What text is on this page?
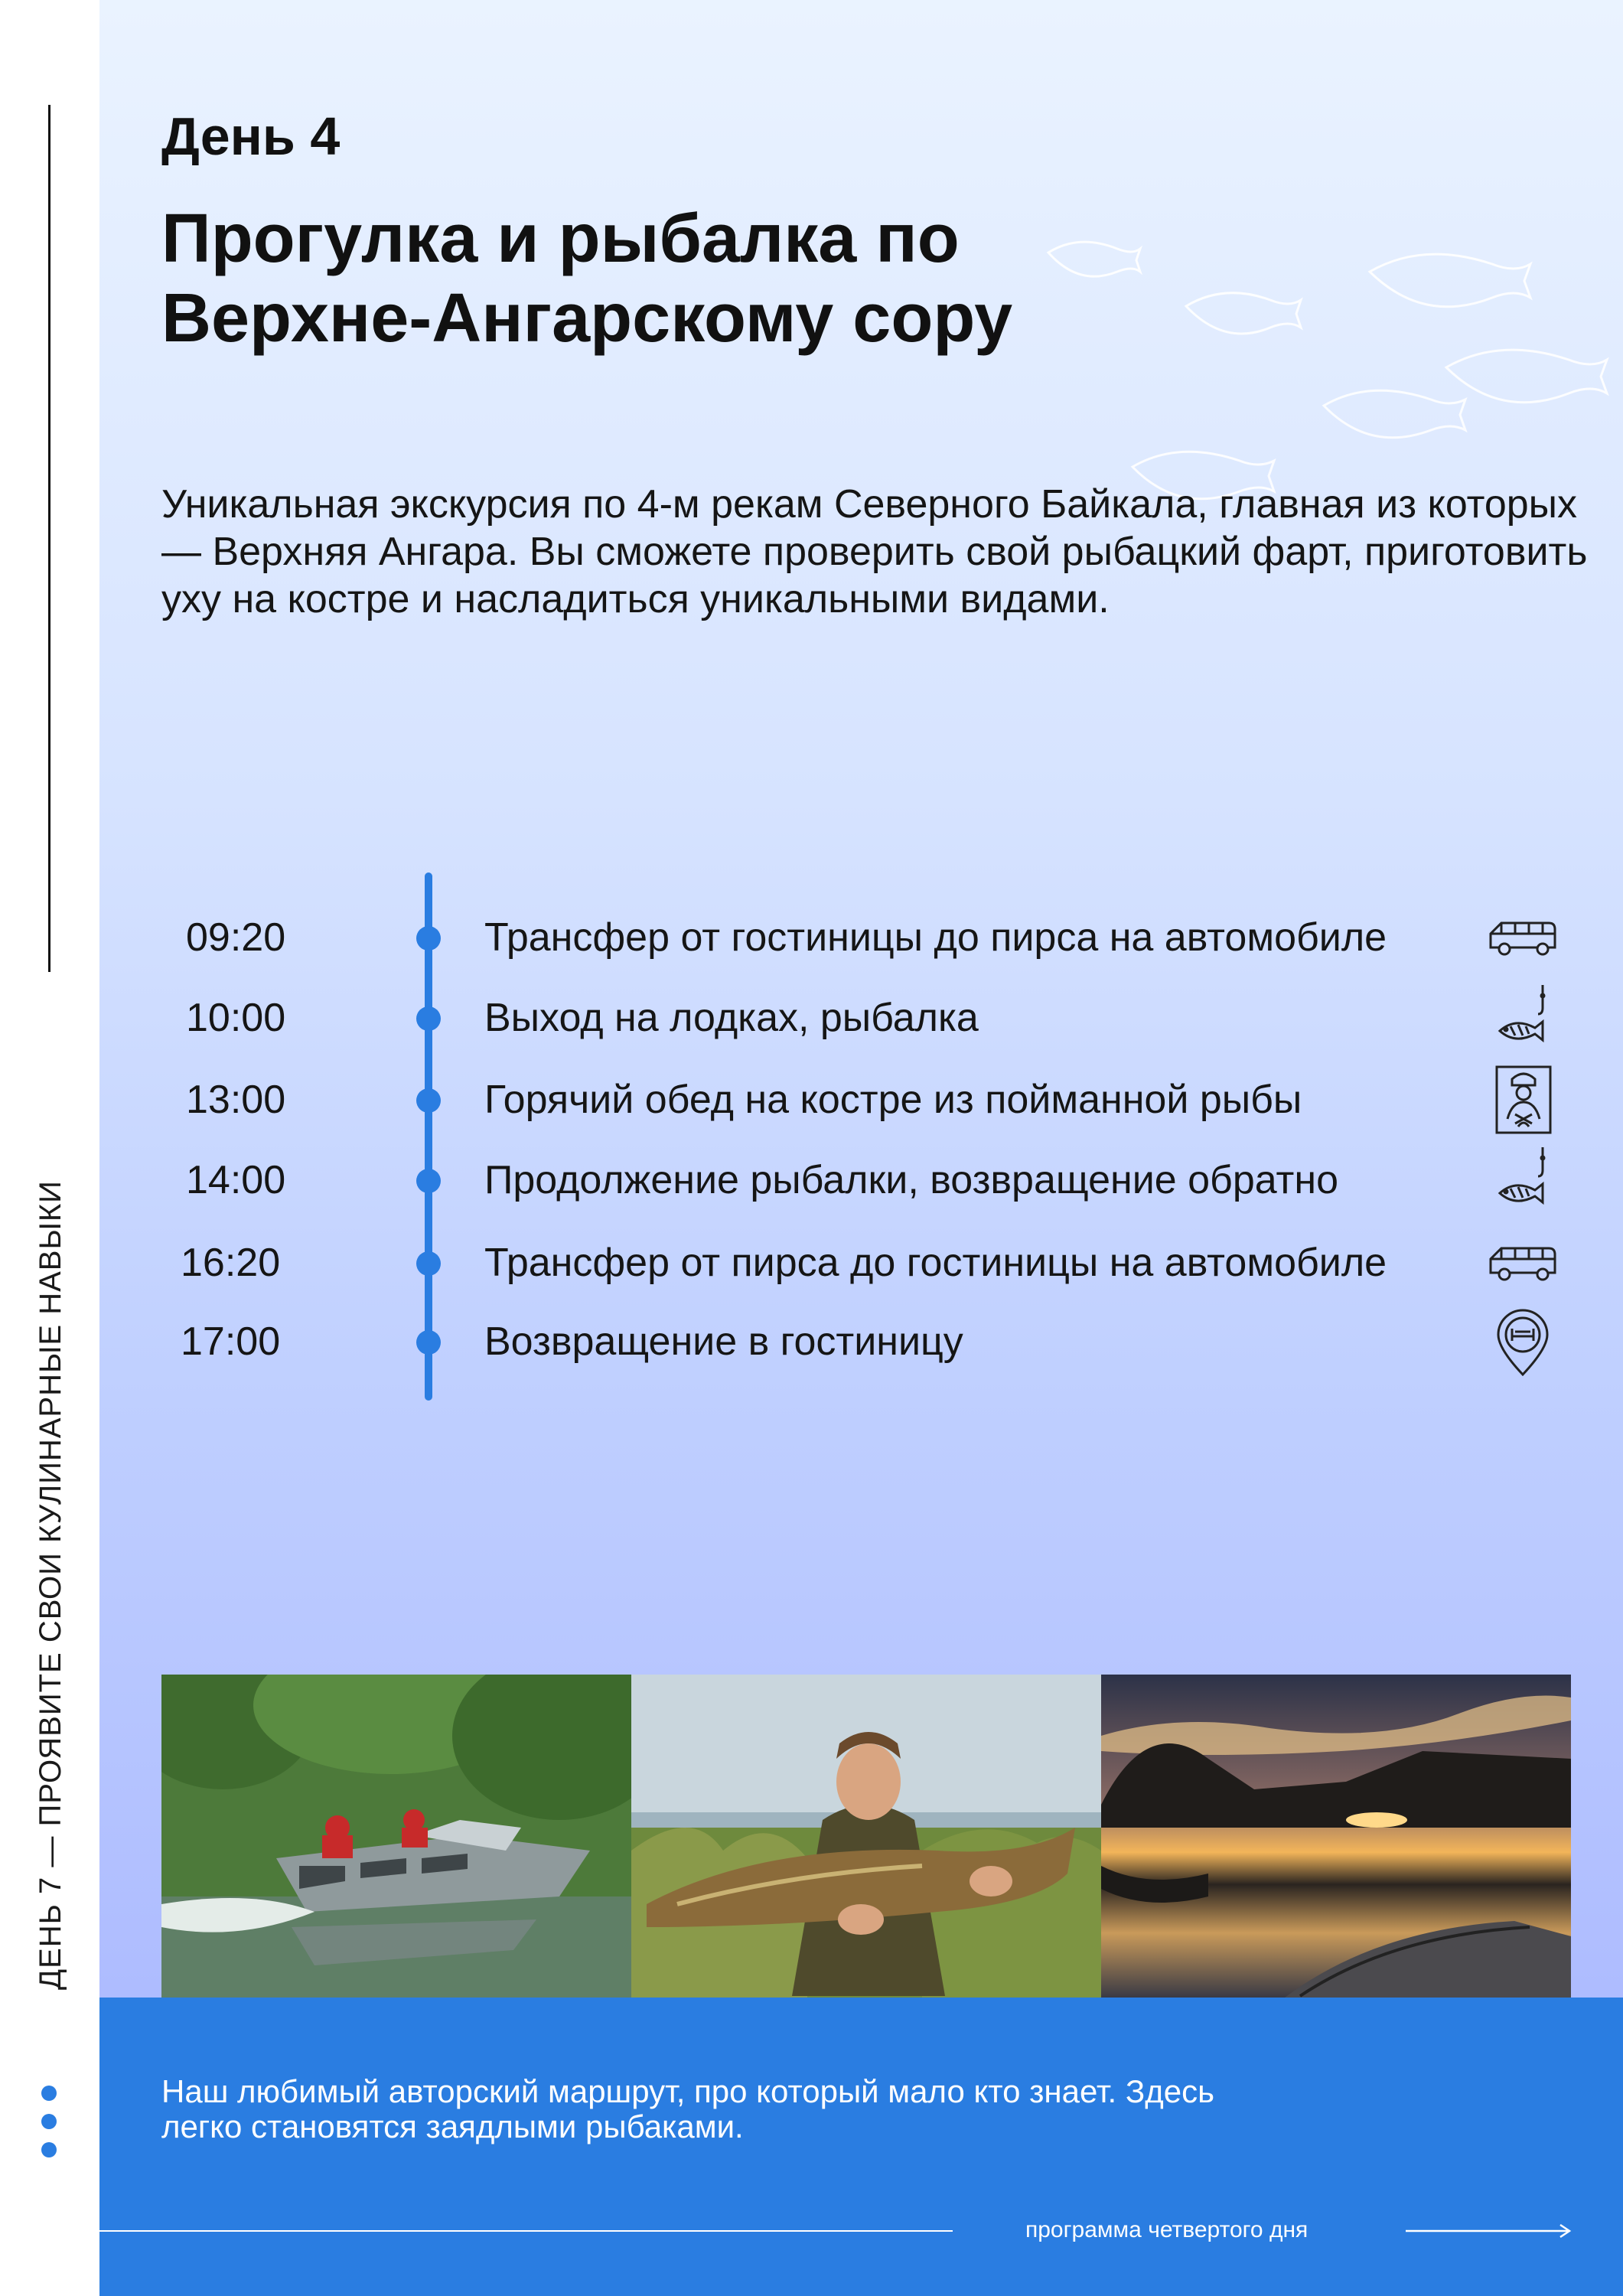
ДЕНЬ 7 — ПРОЯВИТЕ СВОИ КУЛИНАРНЫЕ НАВЫКИ
День 4
Прогулка и рыбалка по
Верхне-Ангарскому сору

Уникальная экскурсия по 4-м рекам Северного Байкала, главная из которых — Верхняя Ангара. Вы сможете проверить свой рыбацкий фарт, приготовить уху на костре и насладиться уникальными видами.

09:20	Трансфер от гостиницы до пирса на автомобиле
10:00	Выход на лодках, рыбалка
13:00	Горячий обед на костре из пойманной рыбы
14:00	Продолжение рыбалки, возвращение обратно
16:20	Трансфер от пирса до гостиницы на автомобиле
17:00	Возвращение в гостиницу

Наш любимый авторский маршрут, про который мало кто знает. Здесь легко становятся заядлыми рыбаками.

программа четвертого дня
